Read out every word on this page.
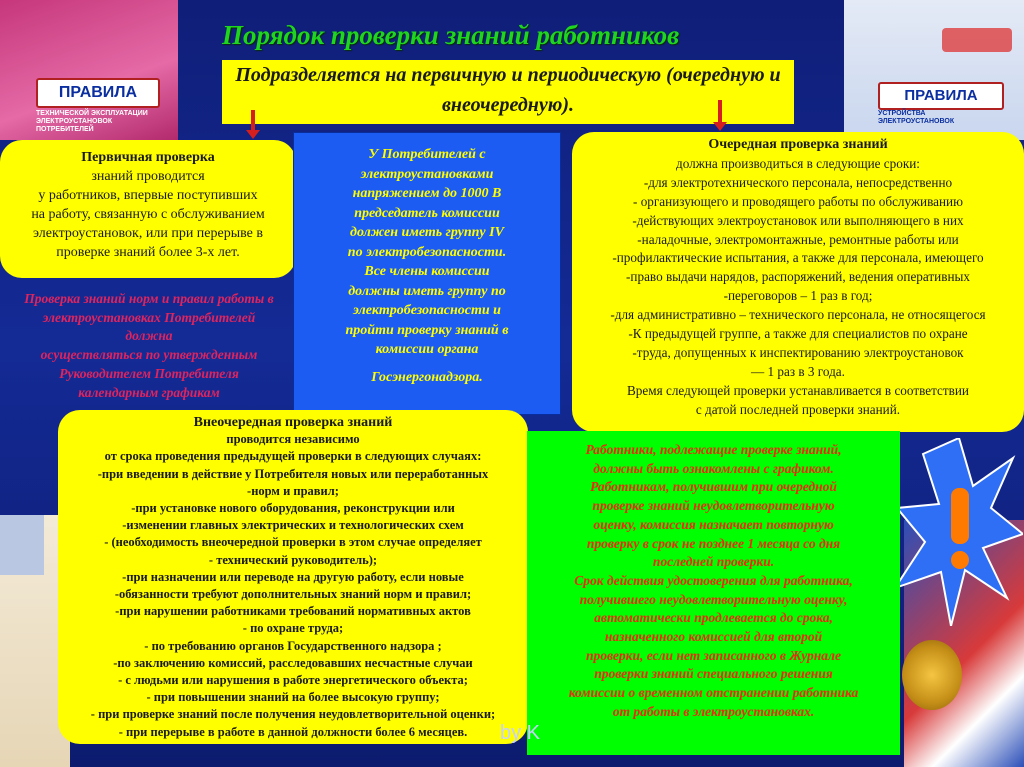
ПРАВИЛА
ТЕХНИЧЕСКОЙ ЭКСПЛУАТАЦИИ
ЭЛЕКТРОУСТАНОВОК
ПОТРЕБИТЕЛЕЙ
ПРАВИЛА
УСТРОЙСТВА
ЭЛЕКТРОУСТАНОВОК
Порядок проверки знаний работников
Подразделяется на первичную и периодическую (очередную и внеочередную).
Первичная проверка
знаний проводится
у работников, впервые поступивших
на работу, связанную с обслуживанием
электроустановок, или при перерыве в
проверке знаний более 3-х лет.
Проверка знаний норм и правил работы в
электроустановках Потребителей
должна
осуществляться по утвержденным
Руководителем Потребителя
календарным графикам
У Потребителей с
электроустановками
напряжением до 1000 В
председатель комиссии
должен иметь группу IV
по электробезопасности.
Все члены комиссии
должны иметь группу по
электробезопасности и
пройти проверку знаний в
комиссии органа
Госэнергонадзора.
Очередная проверка знаний
должна производиться в следующие сроки:
-для электротехнического персонала, непосредственно
- организующего и проводящего работы по обслуживанию
-действующих электроустановок или выполняющего в них
-наладочные, электромонтажные, ремонтные работы или
-профилактические испытания, а также для персонала, имеющего
-право выдачи нарядов, распоряжений, ведения оперативных
-переговоров – 1 раз в год;
-для административно – технического персонала, не относящегося
-К предыдущей группе, а также для специалистов по охране
-труда, допущенных к инспектированию электроустановок
— 1 раз в 3 года.
Время следующей проверки устанавливается в соответствии
с датой последней проверки знаний.
Внеочередная проверка знаний
проводится независимо
от срока проведения предыдущей проверки в следующих случаях:
-при введении в действие у Потребителя новых или переработанных
-норм и правил;
-при установке нового оборудования, реконструкции или
-изменении главных электрических и технологических схем
- (необходимость внеочередной проверки в этом случае определяет
- технический руководитель);
-при назначении или переводе на другую работу, если новые
-обязанности требуют дополнительных знаний норм и правил;
-при нарушении работниками требований нормативных актов
- по охране труда;
- по требованию органов Государственного надзора ;
-по заключению комиссий, расследовавших несчастные случаи
- с людьми или нарушения в работе энергетического объекта;
- при повышении знаний на более высокую группу;
- при проверке знаний после получения неудовлетворительной оценки;
- при перерыве в работе в данной должности более 6 месяцев.
Работники, подлежащие проверке знаний,
должны быть ознакомлены с графиком.
Работникам, получившим при очередной
проверке знаний неудовлетворительную
оценку, комиссия назначает повторную
проверку в срок не позднее 1 месяца со дня
последней проверки.
Срок действия удостоверения для работника,
получившего неудовлетворительную оценку,
автоматически продлевается до срока,
назначенного комиссией для второй
проверки, если нет записанного в Журнале
проверки знаний специального решения
комиссии о временном отстранении работника
от работы в электроустановках.
by K
